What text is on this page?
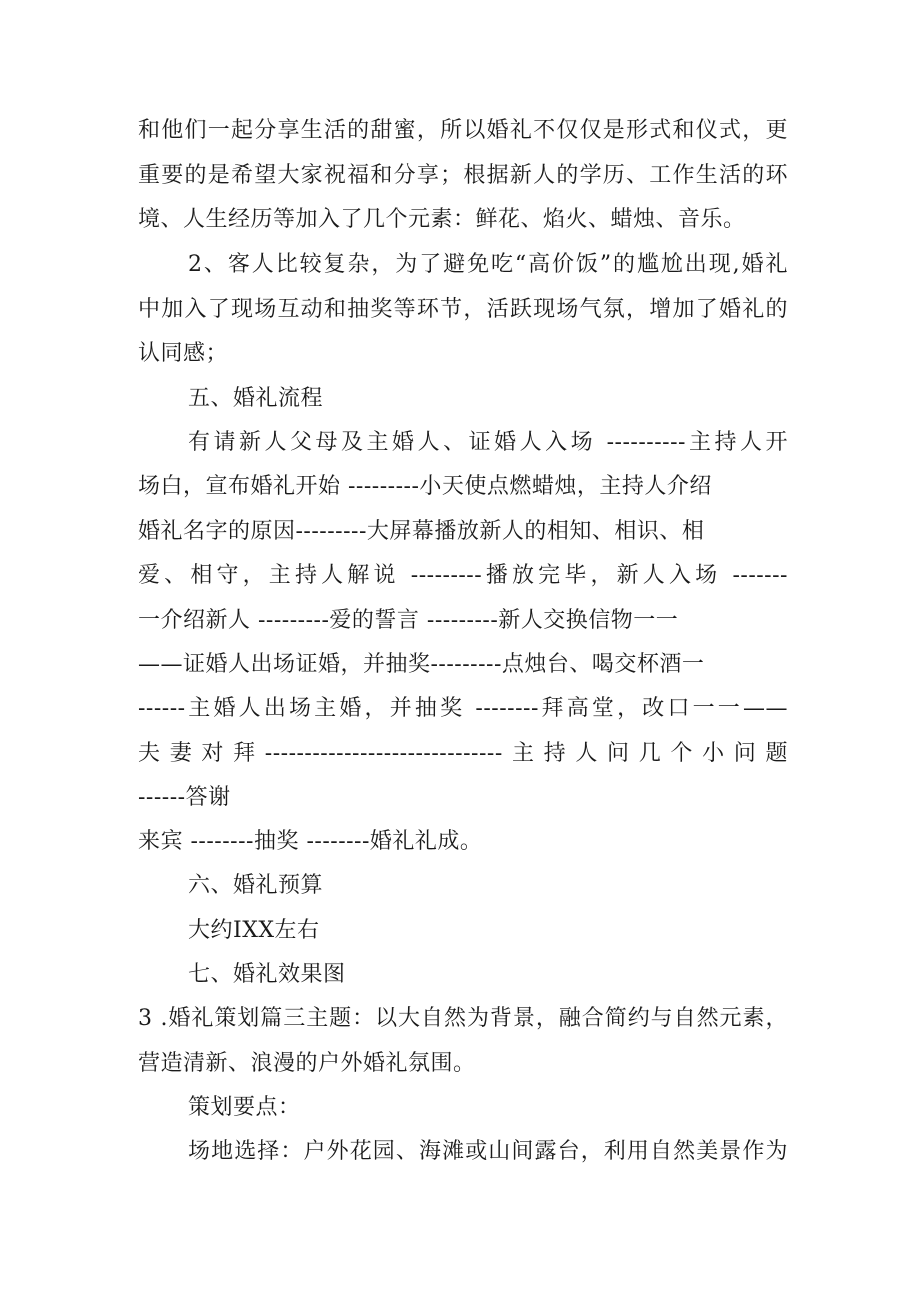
和他们一起分享生活的甜蜜，所以婚礼不仅仅是形式和仪式，更
重要的是希望大家祝福和分享；根据新人的学历、工作生活的环
境、人生经历等加入了几个元素：鲜花、焰火、蜡烛、音乐。
2、客人比较复杂，为了避免吃“高价饭”的尴尬出现,婚礼
中加入了现场互动和抽奖等环节，活跃现场气氛，增加了婚礼的
认同感；
五、婚礼流程
有请新人父母及主婚人、证婚人入场 ----------主持人开
场白，宣布婚礼开始 ---------小天使点燃蜡烛，主持人介绍
婚礼名字的原因---------大屏幕播放新人的相知、相识、相
爱、相守，主持人解说 ---------播放完毕，新人入场 -------
一介绍新人 ---------爱的誓言 ---------新人交换信物一一
——证婚人出场证婚，并抽奖---------点烛台、喝交杯酒一
------主婚人出场主婚，并抽奖 --------拜高堂，改口一一——
夫妻对拜------------------------------主持人问几个小问题
------答谢
来宾 --------抽奖 --------婚礼礼成。
六、婚礼预算
大约IXX左右
七、婚礼效果图
3 .婚礼策划篇三主题：以大自然为背景，融合简约与自然元素，
营造清新、浪漫的户外婚礼氛围。
策划要点：
场地选择：户外花园、海滩或山间露台，利用自然美景作为
